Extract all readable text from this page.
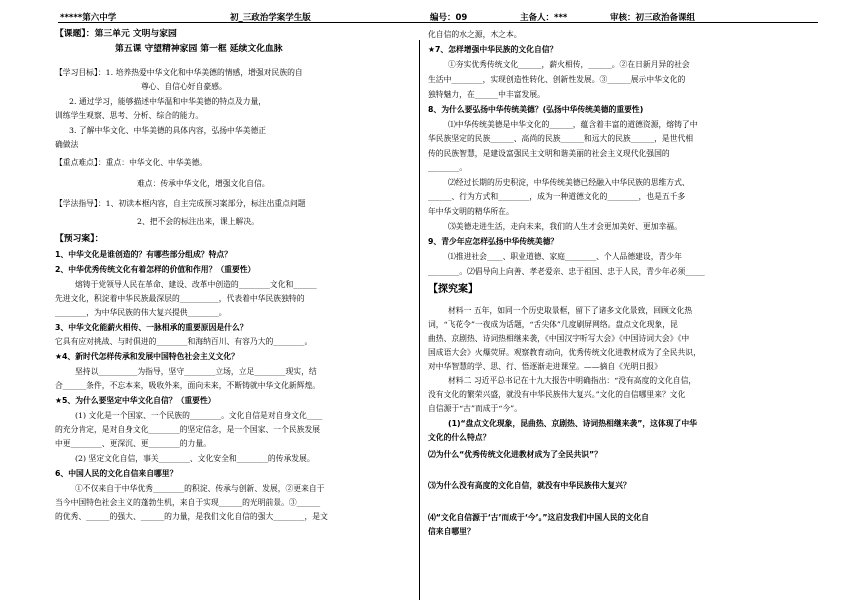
*****第六中学	初_三政治学案学生版	编号：09	主备人：***	审核：初三政治备课组
【课题】：第三单元 文明与家园
第五课 守望精神家园 第一框 延续文化血脉
【学习目标】：1. 培养热爱中华文化和中华美德的情感，增强对民族的自
尊心、自信心好自豪感。
2. 通过学习，能够描述中华温和中华美德的特点及力量，
训练学生观察、思考、分析、综合的能力。
3. 了解中华文化、中华美德的具体内容，弘扬中华美德正
确做法
【重点难点】：重点：中华文化、中华美德。
难点：传承中华文化，增强文化自信。
【学法指导】：1、初读本框内容，自主完成预习案部分，标注出重点问题
2、把不会的标注出来，课上解决。
【预习案】：
1、中华文化是谁创造的？有哪些部分组成？特点？
2、中华优秀传统文化有着怎样的价值和作用？（重要性）
熔铸于党领导人民在革命、建设、改革中创造的________文化和______
先进文化，积淀着中华民族最深层的__________，代表着中华民族独特的
________，为中华民族的伟大复兴提供________。
3、中华文化能薪火相传、一脉相承的重要原因是什么？
它具有应对挑战、与时俱进的________和海纳百川、有容乃大的________。
★4、新时代怎样传承和发展中国特色社会主义文化？
坚持以__________为指导，坚守________立场，立足________现实，结
合______条件，不忘本来，吸收外来，面向未来，不断铸就中华文化新辉煌。
★5、为什么要坚定中华文化自信？（重要性）
(1) 文化是一个国家、一个民族的________。文化自信是对自身文化____
的充分肯定，是对自身文化________的坚定信念，是一个国家、一个民族发展
中更________、更深沉、更________的力量。
(2) 坚定文化自信，事关________、文化安全和________的传承发展。
6、中国人民的文化自信来自哪里？
①不仅来自于中华优秀________的积淀、传承与创新、发展，②更来自于
当今中国特色社会主义的蓬勃生机，来自于实现______的光明前景。③______
的优秀、______的强大、______的力量，是我们文化自信的强大________，是文
化自信的水之源，木之本。
★7、怎样增强中华民族的文化自信？
①夯实优秀传统文化______，薪火相传，______。②在日新月异的社会
生活中________，实现创造性转化、创新性发展。③______展示中华文化的
独特魅力，在______中丰富发展。
8、为什么要弘扬中华传统美德？(弘扬中华传统美德的重要性)
⑴中华传统美德是中华文化的______，蕴含着丰富的道德资源，熔铸了中
华民族坚定的民族______、高尚的民族______和远大的民族______，是世代相
传的民族智慧，是建设富强民主文明和谐美丽的社会主义现代化强国的
________。
⑵经过长期的历史积淀，中华传统美德已经融入中华民族的思维方式、
______、行为方式和________，成为一种道德文化的________，也是五千多
年中华文明的精华所在。
⑶美德走进生活，走向未来，我们的人生才会更加美好、更加幸福。
9、青少年应怎样弘扬中华传统美德？
⑴推进社会____、职业道德、家庭________、个人品德建设，青少年
________。⑵倡导向上向善、孝老爱亲、忠于祖国、忠于人民，青少年必须_____
【探究案】
材料一 五年，如同一个历史取景框，留下了诸多文化景致，回顾文化热
词，“飞花令”一夜成为话题，“舌尖体”几度刷屏网络。盘点文化现象，昆
曲热、京剧热、诗词热相继来袭，《中国汉字听写大会》《中国诗词大会》《中
国成语大会》火爆荧屏。观察教育动向，优秀传统文化进教材成为了全民共识，
对中华智慧的学、思、行、悟逐渐走进课堂。——摘自《光明日报》
材料二 习近平总书记在十九大报告中明确指出：“没有高度的文化自信，
没有文化的繁荣兴盛，就没有中华民族伟大复兴。”文化的自信哪里来？文化
自信源于“古”而成于“今”。
(1)“盘点文化现象，昆曲热、京剧热、诗词热相继来袭”，这体现了中华
文化的什么特点？
⑵为什么“优秀传统文化进教材成为了全民共识”？
⑶为什么没有高度的文化自信，就没有中华民族伟大复兴？
⑷“文化自信源于‘古’而成于‘今’。”这启发我们中国人民的文化自
信来自哪里？
